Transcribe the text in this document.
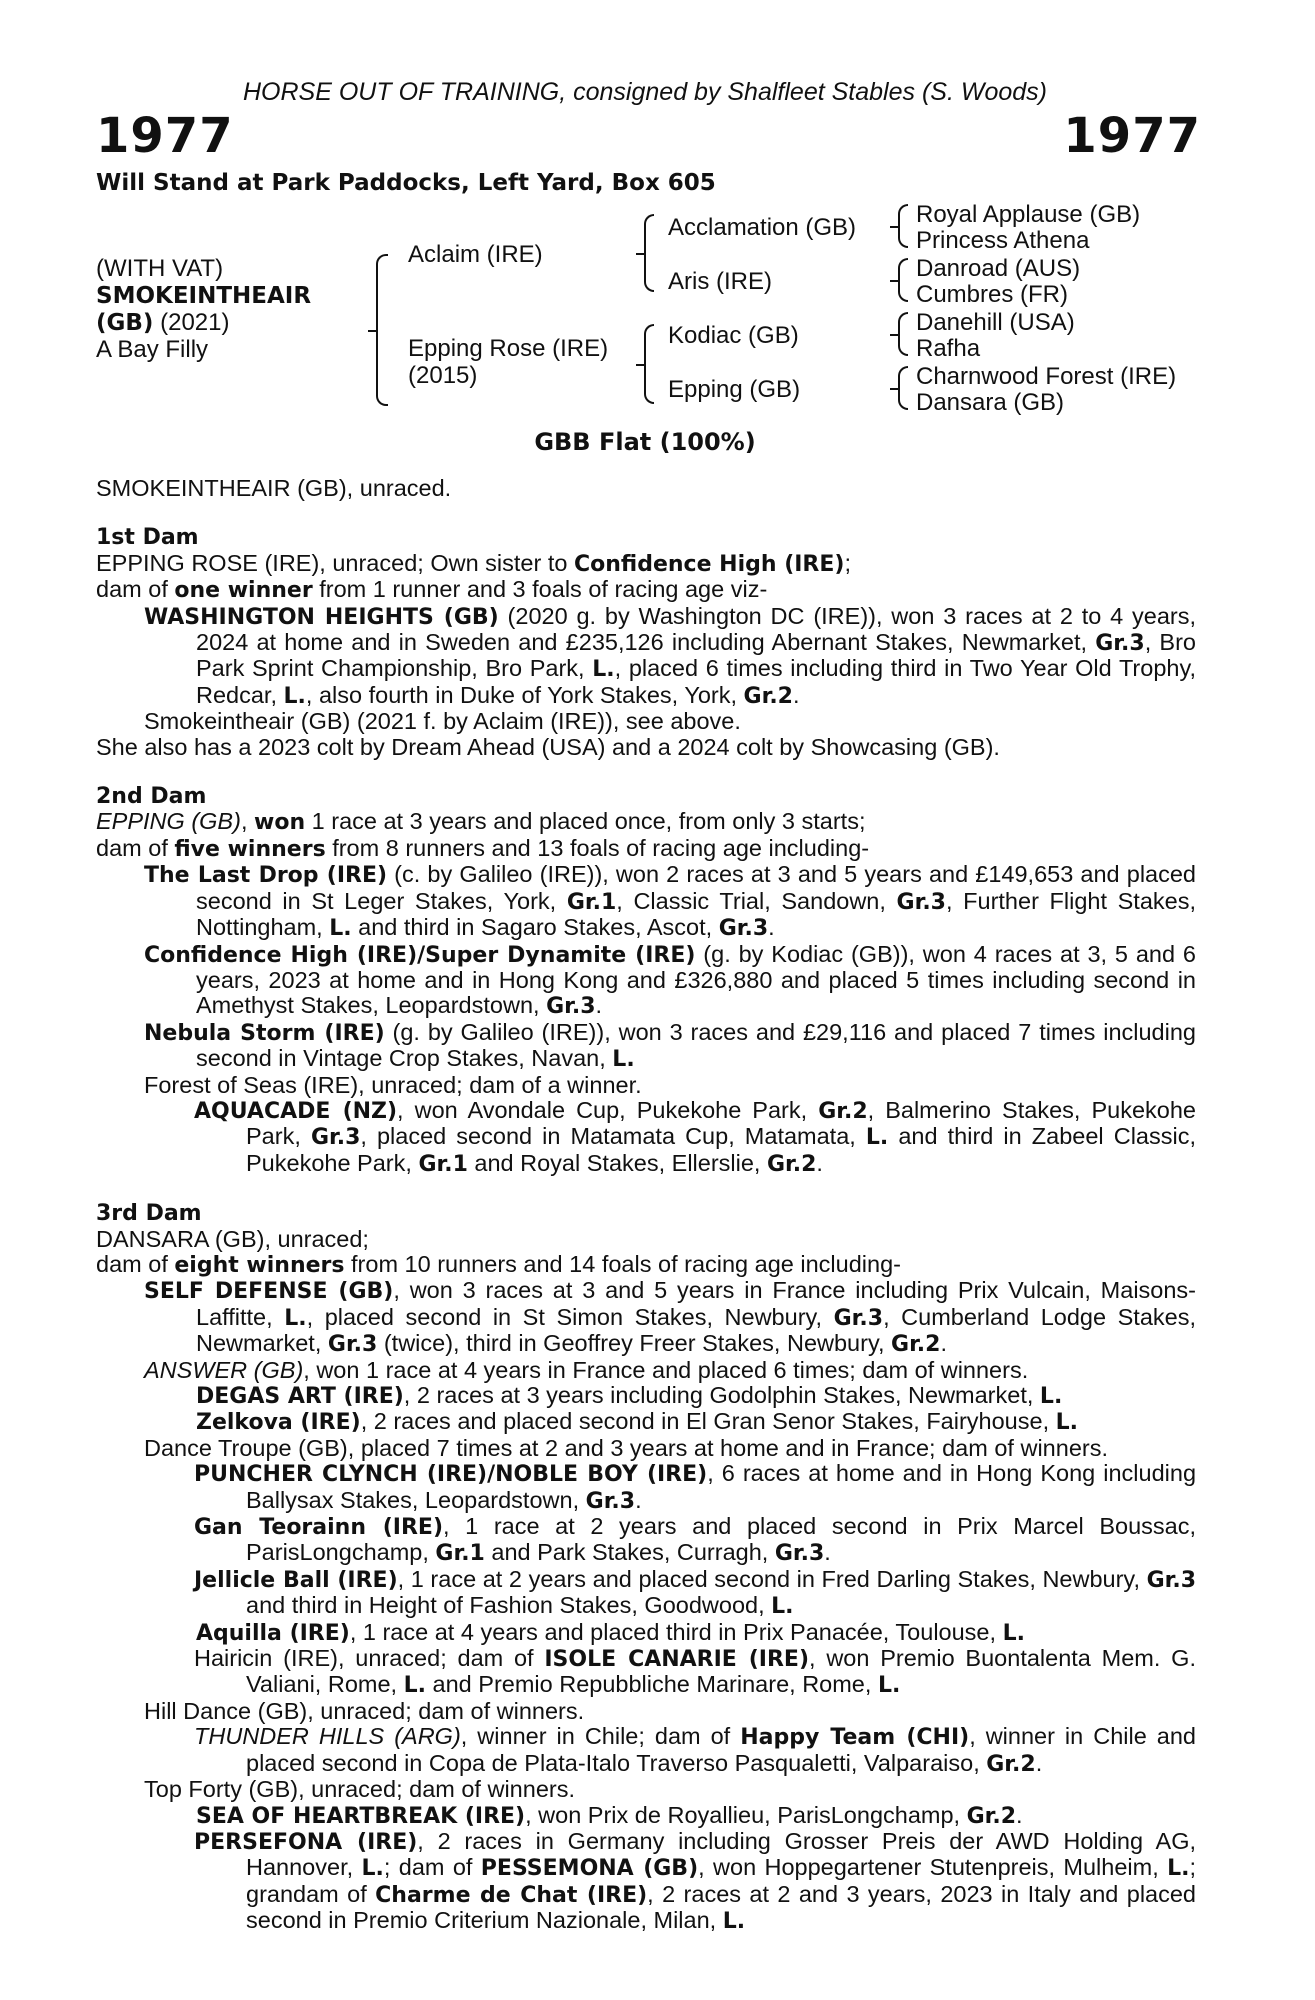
HORSE OUT OF TRAINING, consigned by Shalfleet Stables (S. Woods)
1977	1977
Will Stand at Park Paddocks, Left Yard, Box 605
(WITH VAT)
SMOKEINTHEAIR
(GB) (2021)
A Bay Filly
Aclaim (IRE)
Epping Rose (IRE)
(2015)
Acclamation (GB)
Aris (IRE)
Kodiac (GB)
Epping (GB)
Royal Applause (GB)
Princess Athena
Danroad (AUS)
Cumbres (FR)
Danehill (USA)
Rafha
Charnwood Forest (IRE)
Dansara (GB)
GBB Flat (100%)

SMOKEINTHEAIR (GB), unraced.

1st Dam

EPPING ROSE (IRE), unraced; Own sister to Confidence High (IRE);

dam of one winner from 1 runner and 3 foals of racing age viz-

WASHINGTON HEIGHTS (GB) (2020 g. by Washington DC (IRE)), won 3 races at 2 to 4 years, 2024 at home and in Sweden and £235,126 including Abernant Stakes, Newmarket, Gr.3, Bro Park Sprint Championship, Bro Park, L., placed 6 times including third in Two Year Old Trophy, Redcar, L., also fourth in Duke of York Stakes, York, Gr.2.

Smokeintheair (GB) (2021 f. by Aclaim (IRE)), see above.

She also has a 2023 colt by Dream Ahead (USA) and a 2024 colt by Showcasing (GB).

2nd Dam

EPPING (GB), won 1 race at 3 years and placed once, from only 3 starts;

dam of five winners from 8 runners and 13 foals of racing age including-

The Last Drop (IRE) (c. by Galileo (IRE)), won 2 races at 3 and 5 years and £149,653 and placed second in St Leger Stakes, York, Gr.1, Classic Trial, Sandown, Gr.3, Further Flight Stakes, Nottingham, L. and third in Sagaro Stakes, Ascot, Gr.3.

Confidence High (IRE)/Super Dynamite (IRE) (g. by Kodiac (GB)), won 4 races at 3, 5 and 6 years, 2023 at home and in Hong Kong and £326,880 and placed 5 times including second in Amethyst Stakes, Leopardstown, Gr.3.

Nebula Storm (IRE) (g. by Galileo (IRE)), won 3 races and £29,116 and placed 7 times including second in Vintage Crop Stakes, Navan, L.

Forest of Seas (IRE), unraced; dam of a winner.

AQUACADE (NZ), won Avondale Cup, Pukekohe Park, Gr.2, Balmerino Stakes, Pukekohe Park, Gr.3, placed second in Matamata Cup, Matamata, L. and third in Zabeel Classic, Pukekohe Park, Gr.1 and Royal Stakes, Ellerslie, Gr.2.

3rd Dam

DANSARA (GB), unraced;

dam of eight winners from 10 runners and 14 foals of racing age including-

SELF DEFENSE (GB), won 3 races at 3 and 5 years in France including Prix Vulcain, Maisons-Laffitte, L., placed second in St Simon Stakes, Newbury, Gr.3, Cumberland Lodge Stakes, Newmarket, Gr.3 (twice), third in Geoffrey Freer Stakes, Newbury, Gr.2.

ANSWER (GB), won 1 race at 4 years in France and placed 6 times; dam of winners.

DEGAS ART (IRE), 2 races at 3 years including Godolphin Stakes, Newmarket, L.

Zelkova (IRE), 2 races and placed second in El Gran Senor Stakes, Fairyhouse, L.

Dance Troupe (GB), placed 7 times at 2 and 3 years at home and in France; dam of winners.

PUNCHER CLYNCH (IRE)/NOBLE BOY (IRE), 6 races at home and in Hong Kong including Ballysax Stakes, Leopardstown, Gr.3.

Gan Teorainn (IRE), 1 race at 2 years and placed second in Prix Marcel Boussac, ParisLongchamp, Gr.1 and Park Stakes, Curragh, Gr.3.

Jellicle Ball (IRE), 1 race at 2 years and placed second in Fred Darling Stakes, Newbury, Gr.3 and third in Height of Fashion Stakes, Goodwood, L.

Aquilla (IRE), 1 race at 4 years and placed third in Prix Panacée, Toulouse, L.

Hairicin (IRE), unraced; dam of ISOLE CANARIE (IRE), won Premio Buontalenta Mem. G. Valiani, Rome, L. and Premio Repubbliche Marinare, Rome, L.

Hill Dance (GB), unraced; dam of winners.

THUNDER HILLS (ARG), winner in Chile; dam of Happy Team (CHI), winner in Chile and placed second in Copa de Plata-Italo Traverso Pasqualetti, Valparaiso, Gr.2.

Top Forty (GB), unraced; dam of winners.

SEA OF HEARTBREAK (IRE), won Prix de Royallieu, ParisLongchamp, Gr.2.

PERSEFONA (IRE), 2 races in Germany including Grosser Preis der AWD Holding AG, Hannover, L.; dam of PESSEMONA (GB), won Hoppegartener Stutenpreis, Mulheim, L.; grandam of Charme de Chat (IRE), 2 races at 2 and 3 years, 2023 in Italy and placed second in Premio Criterium Nazionale, Milan, L.
